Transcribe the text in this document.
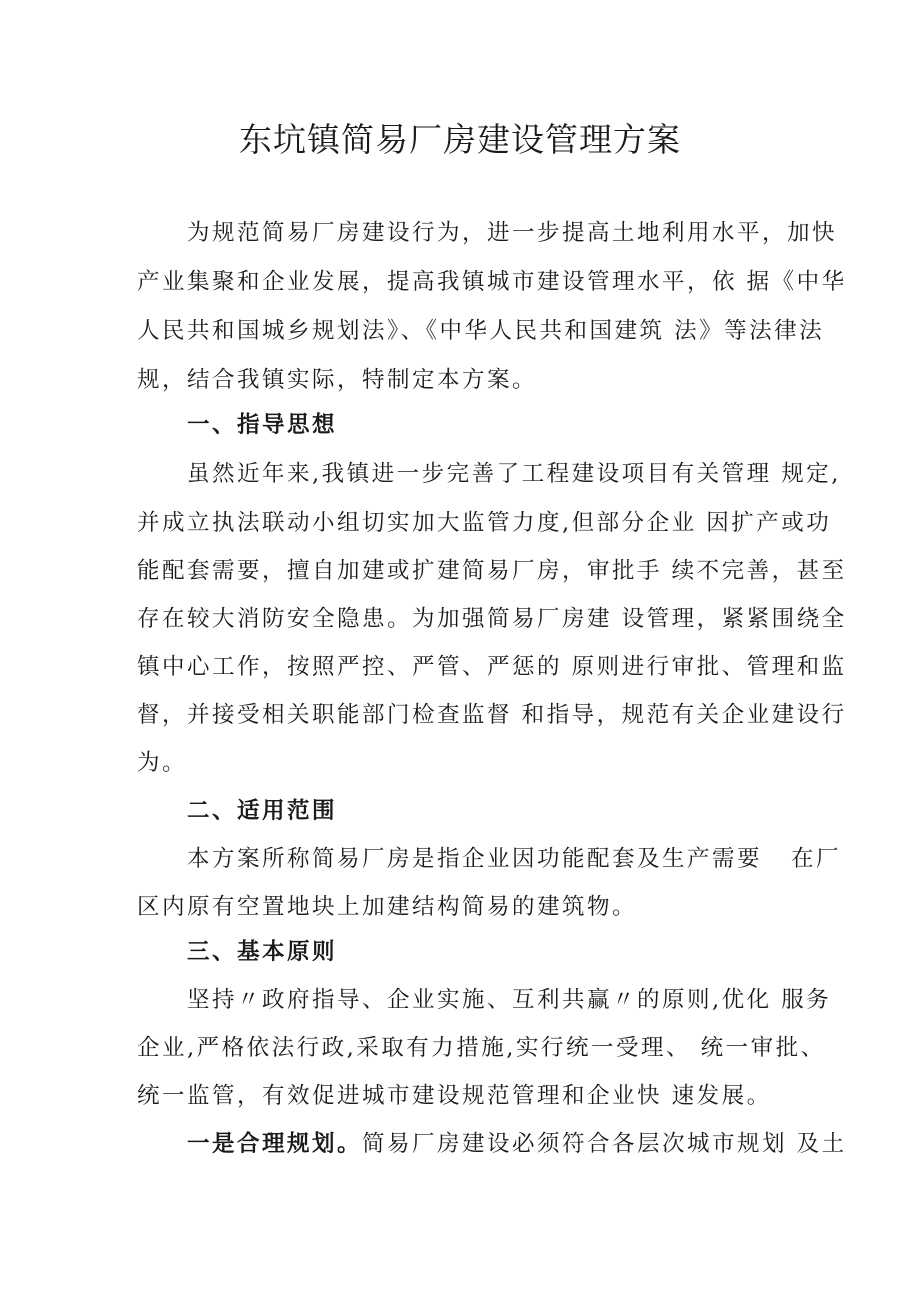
东坑镇简易厂房建设管理方案
为规范简易厂房建设行为，进一步提高土地利用水平，加快
产业集聚和企业发展，提高我镇城市建设管理水平，依 据《中华
人民共和国城乡规划法》、《中华人民共和国建筑 法》等法律法
规，结合我镇实际，特制定本方案。
一、指导思想
虽然近年来,我镇进一步完善了工程建设项目有关管理 规定,
并成立执法联动小组切实加大监管力度,但部分企业 因扩产或功
能配套需要，擅自加建或扩建简易厂房，审批手 续不完善，甚至
存在较大消防安全隐患。为加强简易厂房建 设管理，紧紧围绕全
镇中心工作，按照严控、严管、严惩的 原则进行审批、管理和监
督，并接受相关职能部门检查监督 和指导，规范有关企业建设行
为。
二、适用范围
本方案所称简易厂房是指企业因功能配套及生产需要   在厂
区内原有空置地块上加建结构简易的建筑物。
三、基本原则
坚持〃政府指导、企业实施、互利共赢〃的原则,优化 服务
企业,严格依法行政,采取有力措施,实行统一受理、 统一审批、
统一监管，有效促进城市建设规范管理和企业快 速发展。
一是合理规划。简易厂房建设必须符合各层次城市规划 及土
